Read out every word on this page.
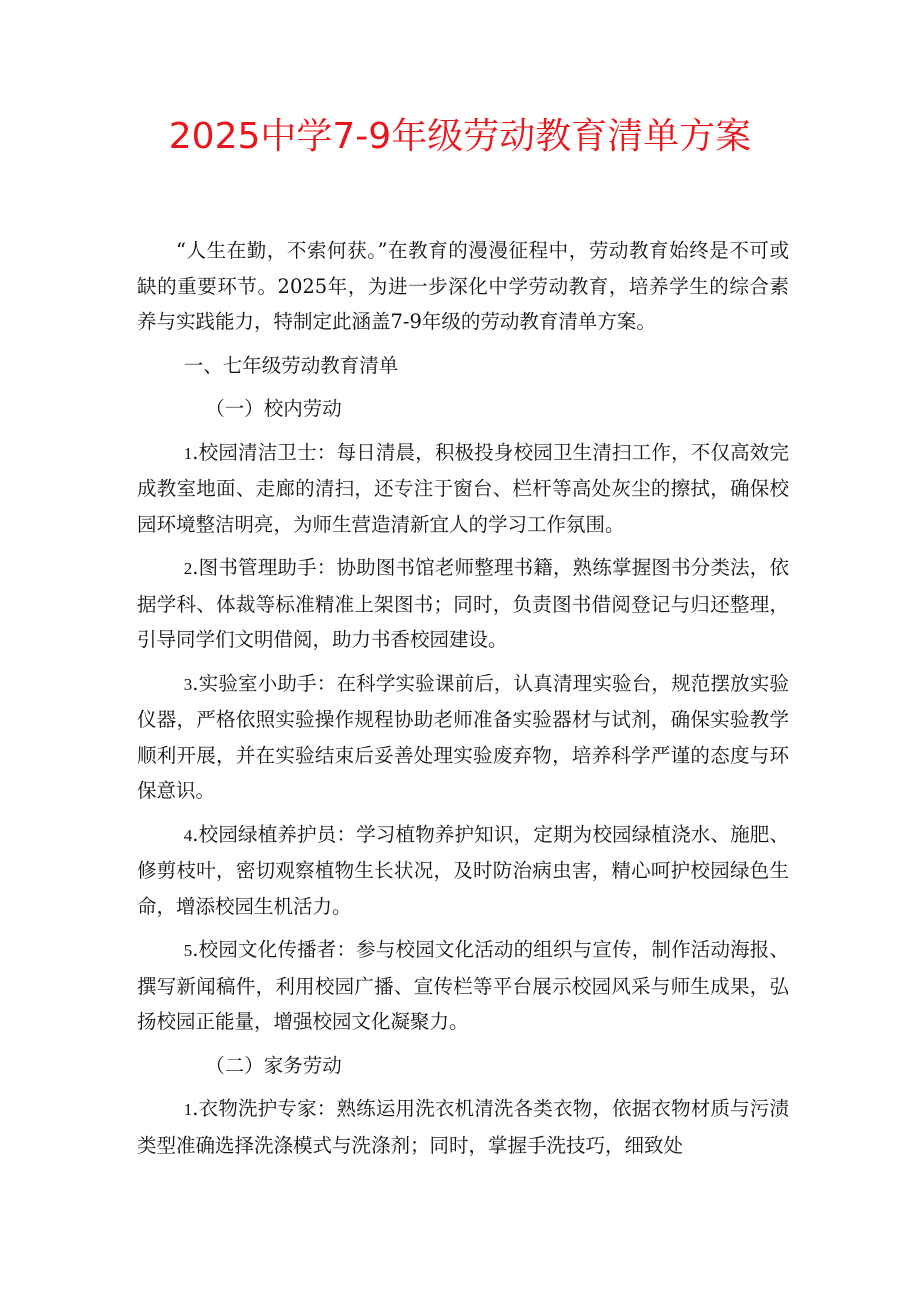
2025中学7-9年级劳动教育清单方案

“人生在勤，不索何获。”在教育的漫漫征程中，劳动教育始终是不可或缺的重要环节。2025年，为进一步深化中学劳动教育，培养学生的综合素养与实践能力，特制定此涵盖7-9年级的劳动教育清单方案。

一、七年级劳动教育清单

（一）校内劳动

1.校园清洁卫士：每日清晨，积极投身校园卫生清扫工作，不仅高效完成教室地面、走廊的清扫，还专注于窗台、栏杆等高处灰尘的擦拭，确保校园环境整洁明亮，为师生营造清新宜人的学习工作氛围。

2.图书管理助手：协助图书馆老师整理书籍，熟练掌握图书分类法，依据学科、体裁等标准精准上架图书；同时，负责图书借阅登记与归还整理，引导同学们文明借阅，助力书香校园建设。

3.实验室小助手：在科学实验课前后，认真清理实验台，规范摆放实验仪器，严格依照实验操作规程协助老师准备实验器材与试剂，确保实验教学顺利开展，并在实验结束后妥善处理实验废弃物，培养科学严谨的态度与环保意识。

4.校园绿植养护员：学习植物养护知识，定期为校园绿植浇水、施肥、修剪枝叶，密切观察植物生长状况，及时防治病虫害，精心呵护校园绿色生命，增添校园生机活力。

5.校园文化传播者：参与校园文化活动的组织与宣传，制作活动海报、撰写新闻稿件，利用校园广播、宣传栏等平台展示校园风采与师生成果，弘扬校园正能量，增强校园文化凝聚力。

（二）家务劳动

1.衣物洗护专家：熟练运用洗衣机清洗各类衣物，依据衣物材质与污渍类型准确选择洗涤模式与洗涤剂；同时，掌握手洗技巧，细致处
